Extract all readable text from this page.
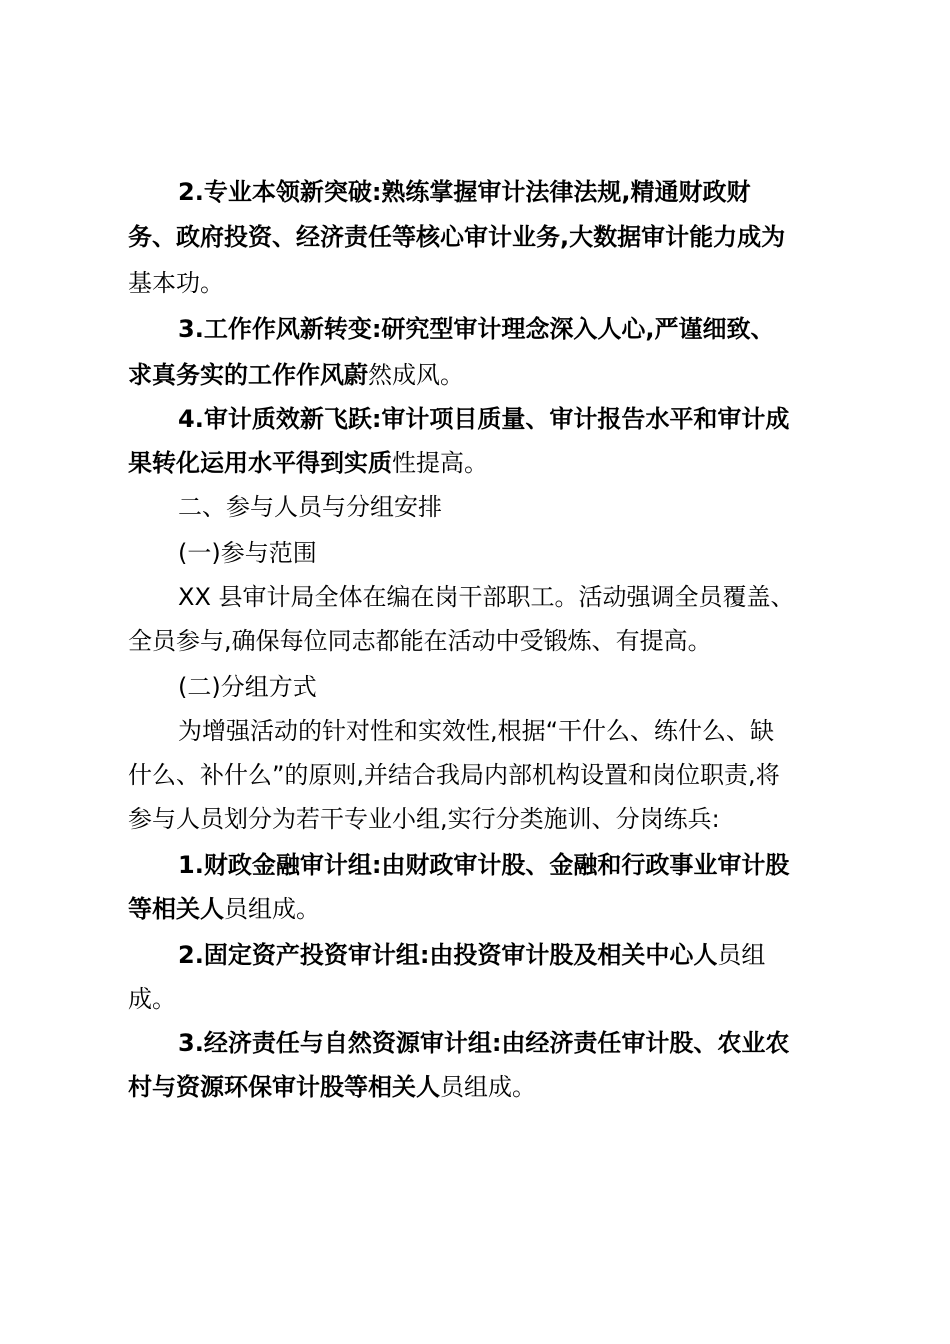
2.专业本领新突破:熟练掌握审计法律法规,精通财政财
务、政府投资、经济责任等核心审计业务,大数据审计能力成为
基本功。
3.工作作风新转变:研究型审计理念深入人心,严谨细致、
求真务实的工作作风蔚然成风。
4.审计质效新飞跃:审计项目质量、审计报告水平和审计成
果转化运用水平得到实质性提高。
二、参与人员与分组安排
(一)参与范围
XX 县审计局全体在编在岗干部职工。活动强调全员覆盖、
全员参与,确保每位同志都能在活动中受锻炼、有提高。
(二)分组方式
为增强活动的针对性和实效性,根据“干什么、练什么、缺
什么、补什么”的原则,并结合我局内部机构设置和岗位职责,将
参与人员划分为若干专业小组,实行分类施训、分岗练兵:
1.财政金融审计组:由财政审计股、金融和行政事业审计股
等相关人员组成。
2.固定资产投资审计组:由投资审计股及相关中心人员组
成。
3.经济责任与自然资源审计组:由经济责任审计股、农业农
村与资源环保审计股等相关人员组成。
